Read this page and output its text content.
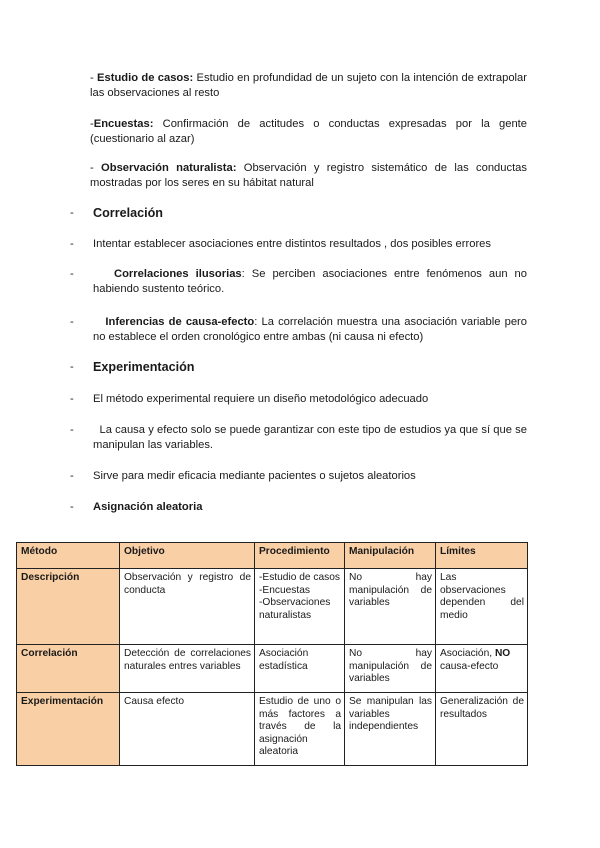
- Estudio de casos: Estudio en profundidad de un sujeto con la intención de extrapolar las observaciones al resto
-Encuestas: Confirmación de actitudes o conductas expresadas por la gente (cuestionario al azar)
- Observación naturalista: Observación y registro sistemático de las conductas mostradas por los seres en su hábitat natural
- Correlación
- Intentar establecer asociaciones entre distintos resultados , dos posibles errores
-	Correlaciones ilusorias: Se perciben asociaciones entre fenómenos aun no habiendo sustento teórico.
-	Inferencias de causa-efecto: La correlación muestra una asociación variable pero no establece el orden cronológico entre ambas (ni causa ni efecto)
- Experimentación
- El método experimental requiere un diseño metodológico adecuado
-	La causa y efecto solo se puede garantizar con este tipo de estudios ya que sí que se manipulan las variables.
- Sirve para medir eficacia mediante pacientes o sujetos aleatorios
- Asignación aleatoria
Método	Objetivo	Procedimiento	Manipulación	Límites
Descripción	Observación y registro de conducta	-Estudio de casos
-Encuestas
-Observaciones naturalistas	No hay manipulación de variables	Las observaciones dependen del medio
Correlación	Detección de correlaciones naturales entres variables	Asociación estadística	No hay manipulación de variables	Asociación, NO causa-efecto
Experimentación	Causa efecto	Estudio de uno o más factores a través de la asignación aleatoria	Se manipulan las variables independientes	Generalización de resultados
